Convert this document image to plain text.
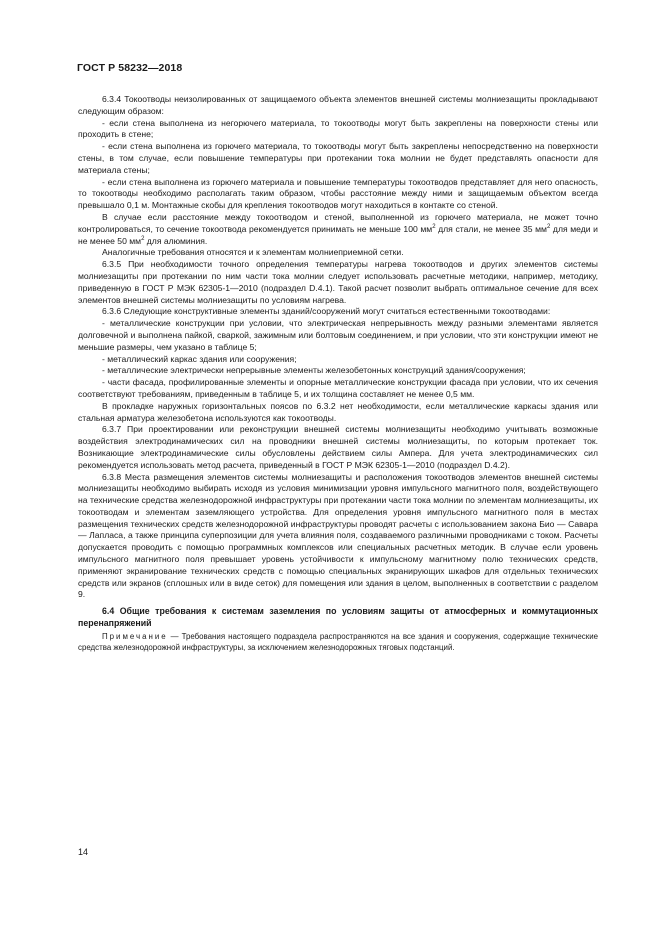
ГОСТ Р 58232—2018

6.3.4 Токоотводы неизолированных от защищаемого объекта элементов внешней системы молниезащиты прокладывают следующим образом:

- если стена выполнена из негорючего материала, то токоотводы могут быть закреплены на поверхности стены или проходить в стене;

- если стена выполнена из горючего материала, то токоотводы могут быть закреплены непосредственно на поверхности стены, в том случае, если повышение температуры при протекании тока молнии не будет представлять опасности для материала стены;

- если стена выполнена из горючего материала и повышение температуры токоотводов представляет для него опасность, то токоотводы необходимо располагать таким образом, чтобы расстояние между ними и защищаемым объектом всегда превышало 0,1 м. Монтажные скобы для крепления токоотводов могут находиться в контакте со стеной.

В случае если расстояние между токоотводом и стеной, выполненной из горючего материала, не может точно контролироваться, то сечение токоотвода рекомендуется принимать не меньше 100 $мм^2$ для стали, не менее 35 $мм^2$ для меди и не менее 50 $мм^2$ для алюминия.

Аналогичные требования относятся и к элементам молниеприемной сетки.

6.3.5 При необходимости точного определения температуры нагрева токоотводов и других элементов системы молниезащиты при протекании по ним части тока молнии следует использовать расчетные методики, например, методику, приведенную в ГОСТ Р МЭК 62305-1—2010 (подраздел D.4.1). Такой расчет позволит выбрать оптимальное сечение для всех элементов внешней системы молниезащиты по условиям нагрева.

6.3.6 Следующие конструктивные элементы зданий/сооружений могут считаться естественными токоотводами:

- металлические конструкции при условии, что электрическая непрерывность между разными элементами является долговечной и выполнена пайкой, сваркой, зажимным или болтовым соединением, и при условии, что эти конструкции имеют не меньшие размеры, чем указано в таблице 5;

- металлический каркас здания или сооружения;

- металлические электрически непрерывные элементы железобетонных конструкций здания/сооружения;

- части фасада, профилированные элементы и опорные металлические конструкции фасада при условии, что их сечения соответствуют требованиям, приведенным в таблице 5, и их толщина составляет не менее 0,5 мм.

В прокладке наружных горизонтальных поясов по 6.3.2 нет необходимости, если металлические каркасы здания или стальная арматура железобетона используются как токоотводы.

6.3.7 При проектировании или реконструкции внешней системы молниезащиты необходимо учитывать возможные воздействия электродинамических сил на проводники внешней системы молниезащиты, по которым протекает ток. Возникающие электродинамические силы обусловлены действием силы Ампера. Для учета электродинамических сил рекомендуется использовать метод расчета, приведенный в ГОСТ Р МЭК 62305-1—2010 (подраздел D.4.2).

6.3.8 Места размещения элементов системы молниезащиты и расположения токоотводов элементов внешней системы молниезащиты необходимо выбирать исходя из условия минимизации уровня импульсного магнитного поля, воздействующего на технические средства железнодорожной инфраструктуры при протекании части тока молнии по элементам молниезащиты, их токоотводам и элементам заземляющего устройства. Для определения уровня импульсного магнитного поля в местах размещения технических средств железнодорожной инфраструктуры проводят расчеты с использованием закона Био — Савара — Лапласа, а также принципа суперпозиции для учета влияния поля, создаваемого различными проводниками с током. Расчеты допускается проводить с помощью программных комплексов или специальных расчетных методик. В случае если уровень импульсного магнитного поля превышает уровень устойчивости к импульсному магнитному полю технических средств, применяют экранирование технических средств с помощью специальных экранирующих шкафов для отдельных технических средств или экранов (сплошных или в виде сеток) для помещения или здания в целом, выполненных в соответствии с разделом 9.

6.4 Общие требования к системам заземления по условиям защиты от атмосферных и коммутационных перенапряжений

Примечание — Требования настоящего подраздела распространяются на все здания и сооружения, содержащие технические средства железнодорожной инфраструктуры, за исключением железнодорожных тяговых подстанций.

14
